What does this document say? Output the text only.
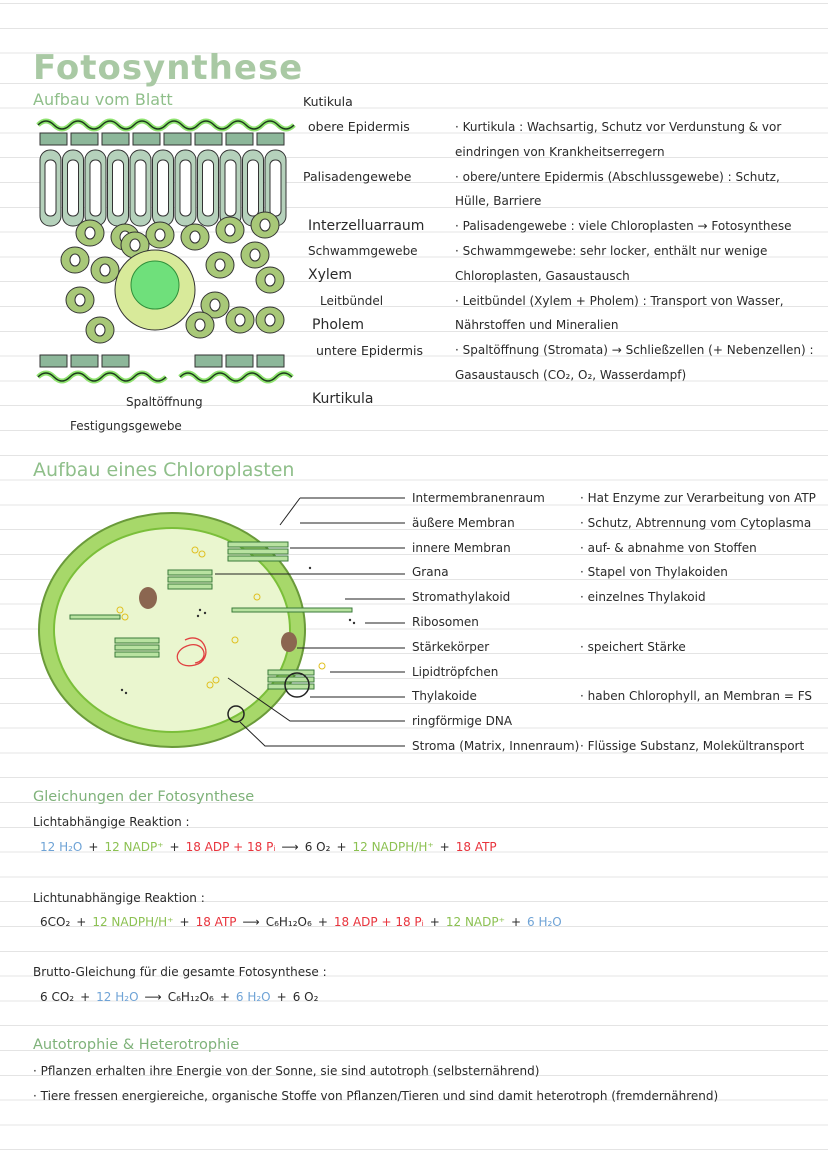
Fotosynthese
Aufbau vom Blatt	Kutikula
obere Epidermis
Palisadengewebe
Interzelluarraum
Schwammgewebe
Xylem
Leitbündel
Pholem
untere Epidermis
Kurtikula
Spaltöffnung
Festigungsgewebe
· Kurtikula : Wachsartig, Schutz vor Verdunstung & vor
eindringen von Krankheitserregern
· obere/untere Epidermis (Abschlussgewebe) : Schutz,
Hülle, Barriere
· Palisadengewebe : viele Chloroplasten → Fotosynthese
· Schwammgewebe: sehr locker, enthält nur wenige
Chloroplasten, Gasaustausch
· Leitbündel (Xylem + Pholem) : Transport von Wasser,
Nährstoffen und Mineralien
· Spaltöffnung (Stromata) → Schließzellen (+ Nebenzellen) :
Gasaustausch (CO₂, O₂, Wasserdampf)
Aufbau eines Chloroplasten
Intermembranenraum	· Hat Enzyme zur Verarbeitung von ATP
äußere Membran	· Schutz, Abtrennung vom Cytoplasma
innere Membran	· auf- & abnahme von Stoffen
Grana	· Stapel von Thylakoiden
Stromathylakoid	· einzelnes Thylakoid
Ribosomen
Stärkekörper	· speichert Stärke
Lipidtröpfchen
Thylakoide	· haben Chlorophyll, an Membran = FS
ringförmige DNA
Stroma (Matrix, Innenraum) · Flüssige Substanz, Molekültransport
Gleichungen der Fotosynthese
Lichtabhängige Reaktion :
12 H₂O + 12 NADP⁺ + 18 ADP + 18 Pᵢ ⟶ 6 O₂ + 12 NADPH/H⁺ + 18 ATP
Lichtunabhängige Reaktion :
6CO₂ + 12 NADPH/H⁺ + 18 ATP ⟶ C₆H₁₂O₆ + 18 ADP + 18 Pᵢ + 12 NADP⁺ + 6 H₂O
Brutto-Gleichung für die gesamte Fotosynthese :
6 CO₂ + 12 H₂O ⟶ C₆H₁₂O₆ + 6 H₂O + 6 O₂
Autotrophie & Heterotrophie
· Pflanzen erhalten ihre Energie von der Sonne, sie sind autotroph (selbsternährend)
· Tiere fressen energiereiche, organische Stoffe von Pflanzen/Tieren und sind damit heterotroph (fremdernährend)
